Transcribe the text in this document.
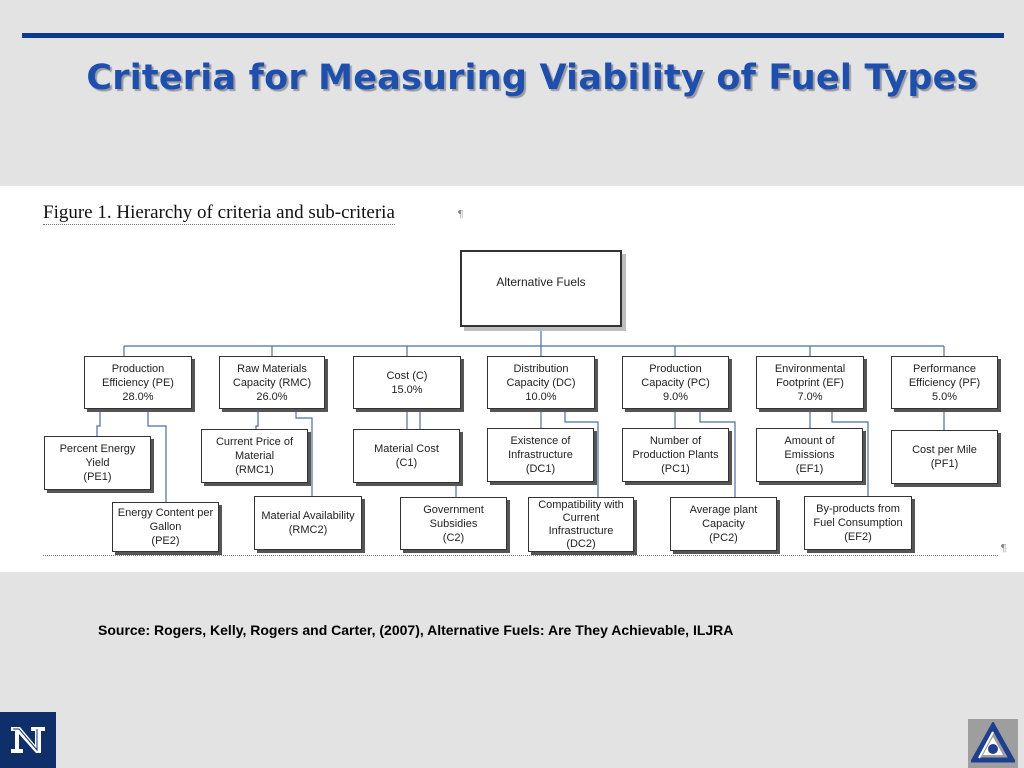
Criteria for Measuring Viability of Fuel Types
Figure 1. Hierarchy of criteria and sub-criteria	¶
Alternative Fuels
Production
Efficiency (PE)
28.0%
Raw Materials
Capacity (RMC)
26.0%
Cost (C)
15.0%
Distribution
Capacity (DC)
10.0%
Production
Capacity (PC)
9.0%
Environmental
Footprint (EF)
7.0%
Performance
Efficiency (PF)
5.0%
Percent Energy
Yield
(PE1)
Energy Content per
Gallon
(PE2)
Current Price of
Material
(RMC1)
Material Availability
(RMC2)
Material Cost
(C1)
Government
Subsidies
(C2)
Existence of
Infrastructure
(DC1)
Compatibility with
Current
Infrastructure
(DC2)
Number of
Production Plants
(PC1)
Average plant
Capacity
(PC2)
Amount of
Emissions
(EF1)
By-products from
Fuel Consumption
(EF2)
Cost per Mile
(PF1)
¶
Source: Rogers, Kelly, Rogers and Carter, (2007), Alternative Fuels: Are They Achievable, ILJRA
